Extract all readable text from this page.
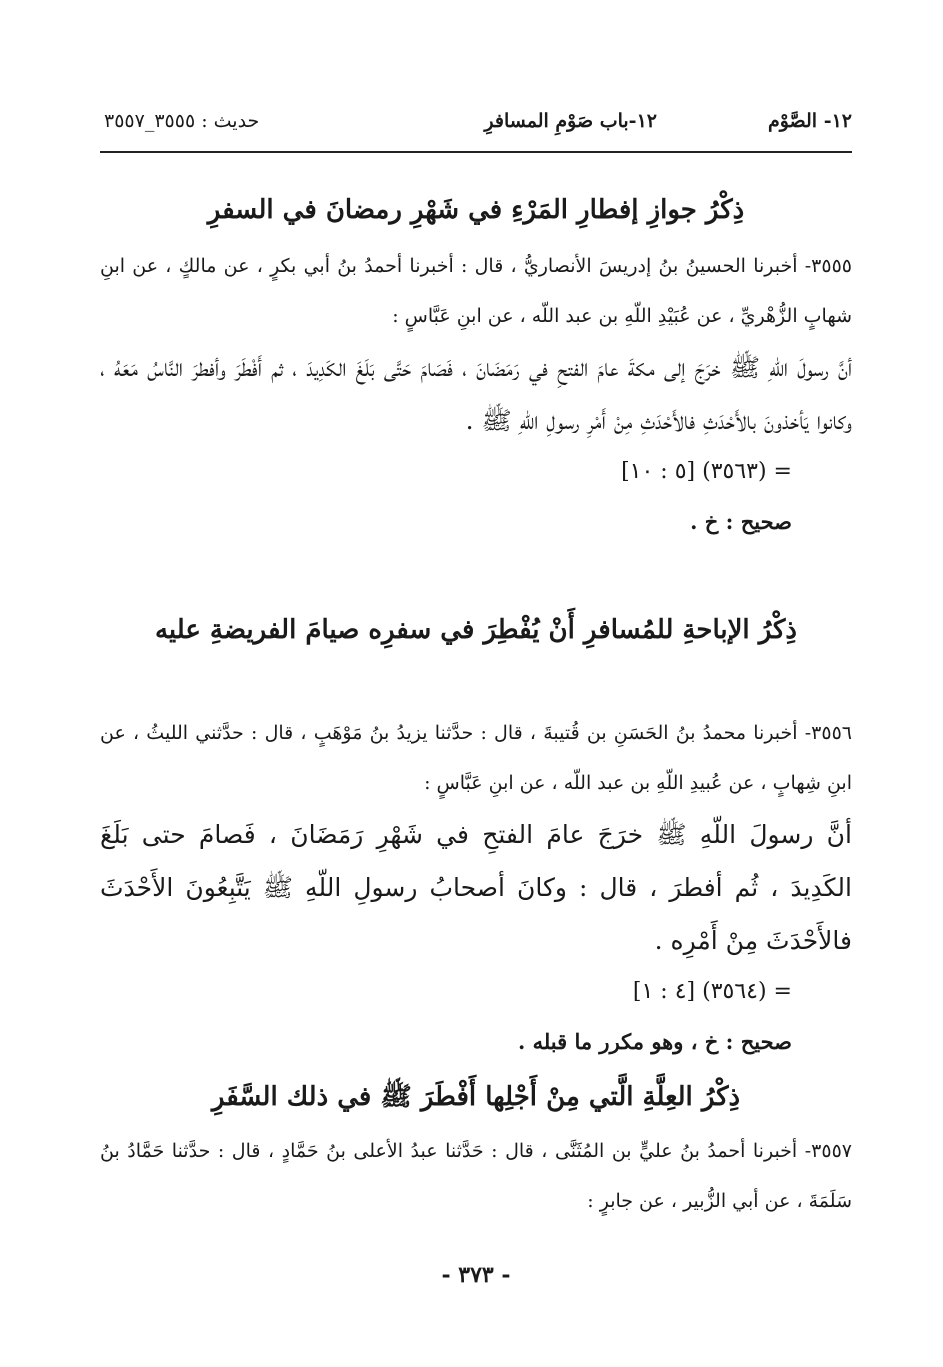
١٢- الصَّوْم
١٢-باب صَوْمِ المسافرِ
حديث : ٣٥٥٥_٣٥٥٧
ذِكْرُ جوازِ إفطارِ المَرْءِ في شَهْرِ رمضانَ في السفرِ
٣٥٥٥- أخبرنا الحسينُ بنُ إدريسَ الأنصاريُّ ، قال : أخبرنا أحمدُ بنُ أبي بكرٍ ، عن مالكٍ ، عن ابنِ شهابٍ الزُّهْريِّ ، عن عُبَيْدِ اللّهِ بن عبد اللّه ، عن ابنِ عَبَّاسٍ :
أنَّ رسولَ اللّهِ ﷺ خرَجَ إلى مكةَ عامَ الفتحِ في رَمَضَانَ ، فَصَامَ حَتَّى بَلَغَ الكَدِيدَ ، ثم أَفْطَرَ وأفطرَ النَّاسُ مَعَهُ ، وكانوا يَأخذونَ بالأَحْدَثِ فالأَحْدَثِ مِنْ أَمْرِ رسولِ اللّهِ ﷺ .
= (٣٥٦٣) [٥ : ١٠]
صحيح : خ .
ذِكْرُ الإباحةِ للمُسافرِ أَنْ يُفْطِرَ في سفرِه صيامَ الفريضةِ عليه
٣٥٥٦- أخبرنا محمدُ بنُ الحَسَنِ بن قُتيبةَ ، قال : حدَّثنا يزيدُ بنُ مَوْهَبٍ ، قال : حدَّثني الليثُ ، عن ابنِ شِهابٍ ، عن عُبيدِ اللّهِ بن عبد اللّه ، عن ابنِ عَبَّاسٍ :
أنَّ رسولَ اللّهِ ﷺ خرَجَ عامَ الفتحِ في شَهْرِ رَمَضَانَ ، فَصامَ حتى بَلَغَ الكَدِيدَ ، ثُم أفطرَ ، قال : وكانَ أصحابُ رسولِ اللّهِ ﷺ يَتَّبِعُونَ الأَحْدَثَ فالأَحْدَثَ مِنْ أَمْرِه .
= (٣٥٦٤) [٤ : ١]
صحيح : خ ، وهو مكرر ما قبله .
ذِكْرُ العِلَّةِ الَّتي مِنْ أَجْلِها أَفْطَرَ ﷺ في ذلك السَّفَرِ
٣٥٥٧- أخبرنا أحمدُ بنُ عليٍّ بن المُثَنَّى ، قال : حَدَّثنا عبدُ الأعلى بنُ حَمَّادٍ ، قال : حدَّثنا حَمَّادُ بنُ سَلَمَةَ ، عن أبي الزُّبير ، عن جابرٍ :
- ٣٧٣ -
